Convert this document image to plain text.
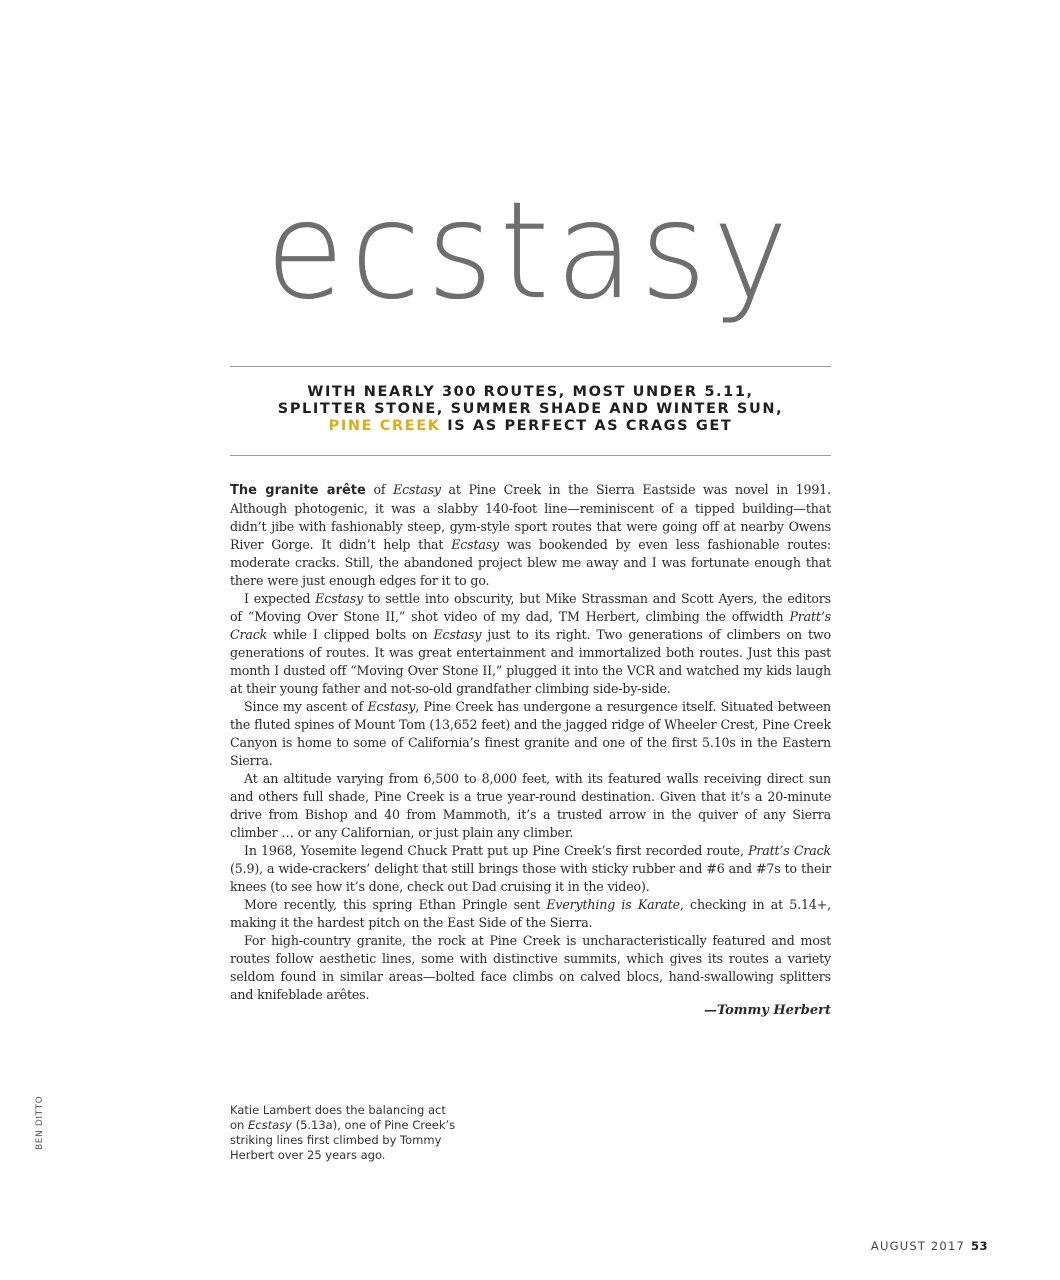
ecstasy
WITH NEARLY 300 ROUTES, MOST UNDER 5.11,
SPLITTER STONE, SUMMER SHADE AND WINTER SUN,
PINE CREEK IS AS PERFECT AS CRAGS GET

The granite arête of Ecstasy at Pine Creek in the Sierra Eastside was novel in 1991. Although photogenic, it was a slabby 140-foot line—reminiscent of a tipped building—that didn’t jibe with fashionably steep, gym-style sport routes that were going off at nearby Owens River Gorge. It didn’t help that Ecstasy was bookended by even less fashionable routes: moderate cracks. Still, the abandoned project blew me away and I was fortunate enough that there were just enough edges for it to go.

I expected Ecstasy to settle into obscurity, but Mike Strassman and Scott Ayers, the editors of “Moving Over Stone II,” shot video of my dad, TM Herbert, climbing the offwidth Pratt’s Crack while I clipped bolts on Ecstasy just to its right. Two generations of climbers on two generations of routes. It was great entertainment and immortalized both routes. Just this past month I dusted off “Moving Over Stone II,” plugged it into the VCR and watched my kids laugh at their young father and not-so-old grandfather climbing side-by-side.

Since my ascent of Ecstasy, Pine Creek has undergone a resurgence itself. Situated between the fluted spines of Mount Tom (13,652 feet) and the jagged ridge of Wheeler Crest, Pine Creek Canyon is home to some of California’s finest granite and one of the first 5.10s in the Eastern Sierra.

At an altitude varying from 6,500 to 8,000 feet, with its featured walls receiving direct sun and others full shade, Pine Creek is a true year-round destination. Given that it’s a 20-minute drive from Bishop and 40 from Mammoth, it’s a trusted arrow in the quiver of any Sierra climber … or any Californian, or just plain any climber.

In 1968, Yosemite legend Chuck Pratt put up Pine Creek’s first recorded route, Pratt’s Crack (5.9), a wide-crackers’ delight that still brings those with sticky rubber and #6 and #7s to their knees (to see how it’s done, check out Dad cruising it in the video).

More recently, this spring Ethan Pringle sent Everything is Karate, checking in at 5.14+, making it the hardest pitch on the East Side of the Sierra.

For high-country granite, the rock at Pine Creek is uncharacteristically featured and most routes follow aesthetic lines, some with distinctive summits, which gives its routes a variety seldom found in similar areas—bolted face climbs on calved blocs, hand-swallowing splitters and knifeblade arêtes.

—Tommy Herbert
Katie Lambert does the balancing act on Ecstasy (5.13a), one of Pine Creek’s striking lines first climbed by Tommy Herbert over 25 years ago.
BEN DITTO
AUGUST 2017 53
